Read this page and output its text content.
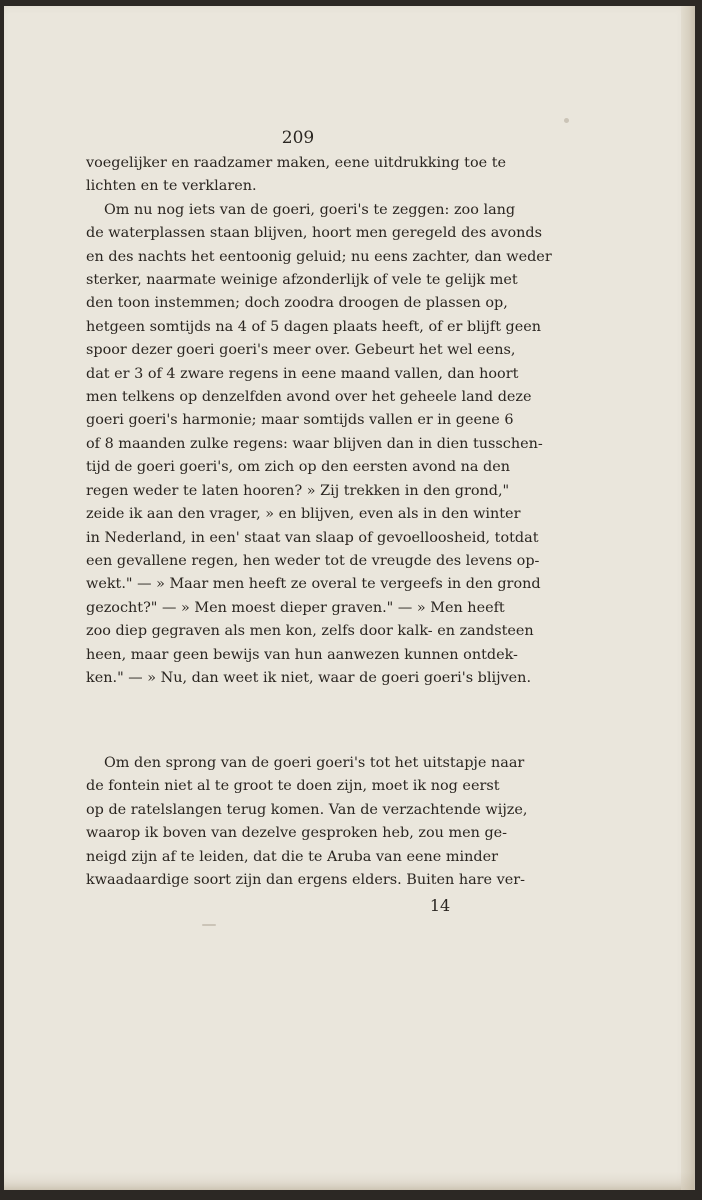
209
voegelijker en raadzamer maken, eene uitdrukking toe te
lichten en te verklaren.
Om nu nog iets van de goeri, goeri's te zeggen: zoo lang
de waterplassen staan blijven, hoort men geregeld des avonds
en des nachts het eentoonig geluid; nu eens zachter, dan weder
sterker, naarmate weinige afzonderlijk of vele te gelijk met
den toon instemmen; doch zoodra droogen de plassen op,
hetgeen somtijds na 4 of 5 dagen plaats heeft, of er blijft geen
spoor dezer goeri goeri's meer over. Gebeurt het wel eens,
dat er 3 of 4 zware regens in eene maand vallen, dan hoort
men telkens op denzelfden avond over het geheele land deze
goeri goeri's harmonie; maar somtijds vallen er in geene 6
of 8 maanden zulke regens: waar blijven dan in dien tusschen-
tijd de goeri goeri's, om zich op den eersten avond na den
regen weder te laten hooren? » Zij trekken in den grond,"
zeide ik aan den vrager, » en blijven, even als in den winter
in Nederland, in een' staat van slaap of gevoelloosheid, totdat
een gevallene regen, hen weder tot de vreugde des levens op-
wekt." — » Maar men heeft ze overal te vergeefs in den grond
gezocht?" — » Men moest dieper graven." — » Men heeft
zoo diep gegraven als men kon, zelfs door kalk- en zandsteen
heen, maar geen bewijs van hun aanwezen kunnen ontdek-
ken." — » Nu, dan weet ik niet, waar de goeri goeri's blijven.
Om den sprong van de goeri goeri's tot het uitstapje naar
de fontein niet al te groot te doen zijn, moet ik nog eerst
op de ratelslangen terug komen. Van de verzachtende wijze,
waarop ik boven van dezelve gesproken heb, zou men ge-
neigd zijn af te leiden, dat die te Aruba van eene minder
kwaadaardige soort zijn dan ergens elders. Buiten hare ver-
14
